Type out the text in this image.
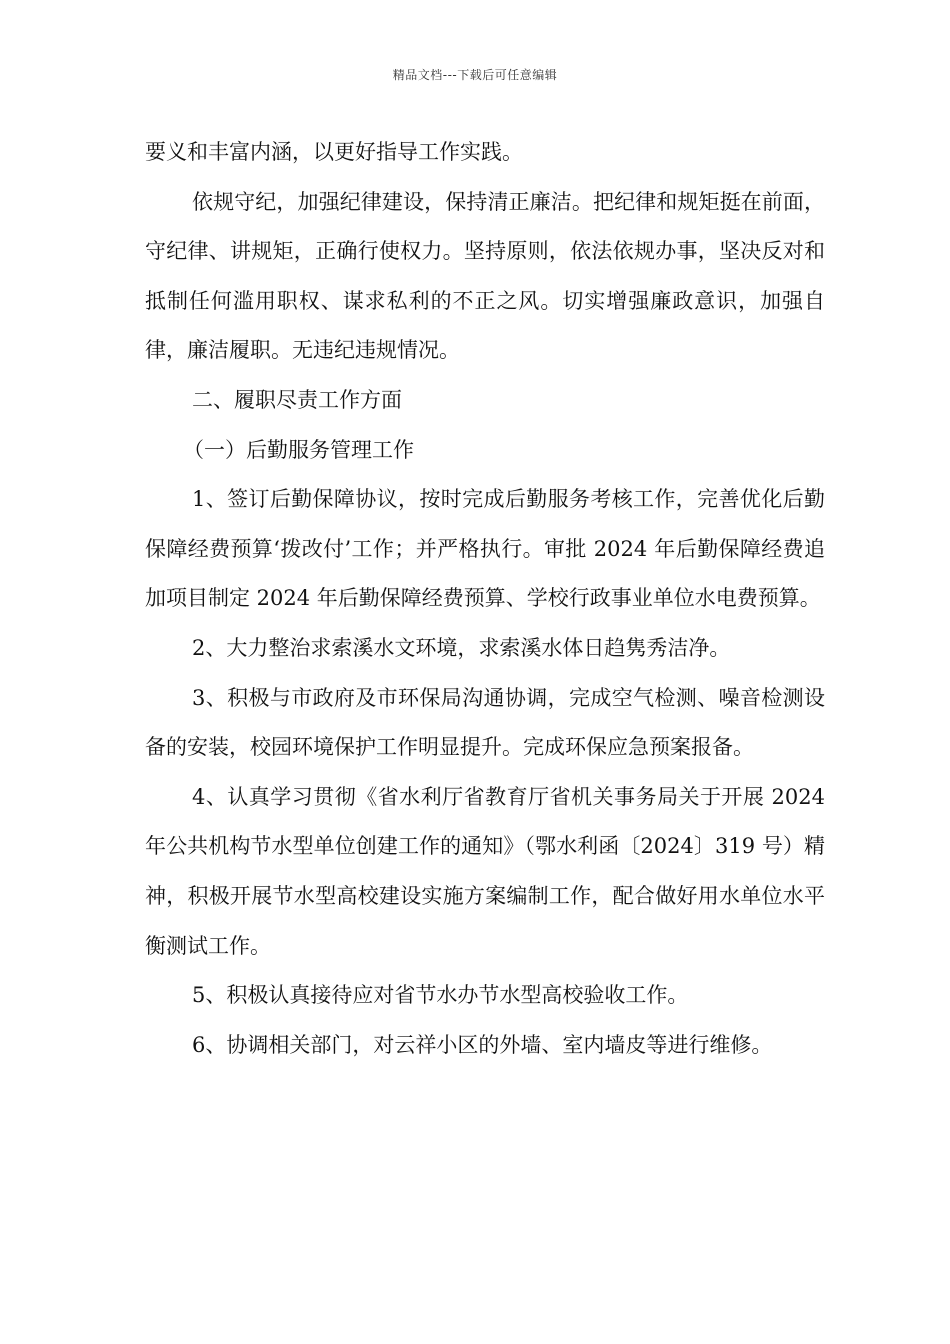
精品文档---下载后可任意编辑

要义和丰富内涵，以更好指导工作实践。

依规守纪，加强纪律建设，保持清正廉洁。把纪律和规矩挺在前面，守纪律、讲规矩，正确行使权力。坚持原则，依法依规办事，坚决反对和抵制任何滥用职权、谋求私利的不正之风。切实增强廉政意识，加强自律，廉洁履职。无违纪违规情况。

二、履职尽责工作方面

（一）后勤服务管理工作

1、签订后勤保障协议，按时完成后勤服务考核工作，完善优化后勤保障经费预算‘拨改付’工作；并严格执行。审批 2024 年后勤保障经费追加项目制定 2024 年后勤保障经费预算、学校行政事业单位水电费预算。

2、大力整治求索溪水文环境，求索溪水体日趋隽秀洁净。

3、积极与市政府及市环保局沟通协调，完成空气检测、噪音检测设备的安装，校园环境保护工作明显提升。完成环保应急预案报备。

4、认真学习贯彻《省水利厅省教育厅省机关事务局关于开展 2024 年公共机构节水型单位创建工作的通知》（鄂水利函〔2024〕319 号）精神，积极开展节水型高校建设实施方案编制工作，配合做好用水单位水平衡测试工作。

5、积极认真接待应对省节水办节水型高校验收工作。

6、协调相关部门，对云祥小区的外墙、室内墙皮等进行维修。
